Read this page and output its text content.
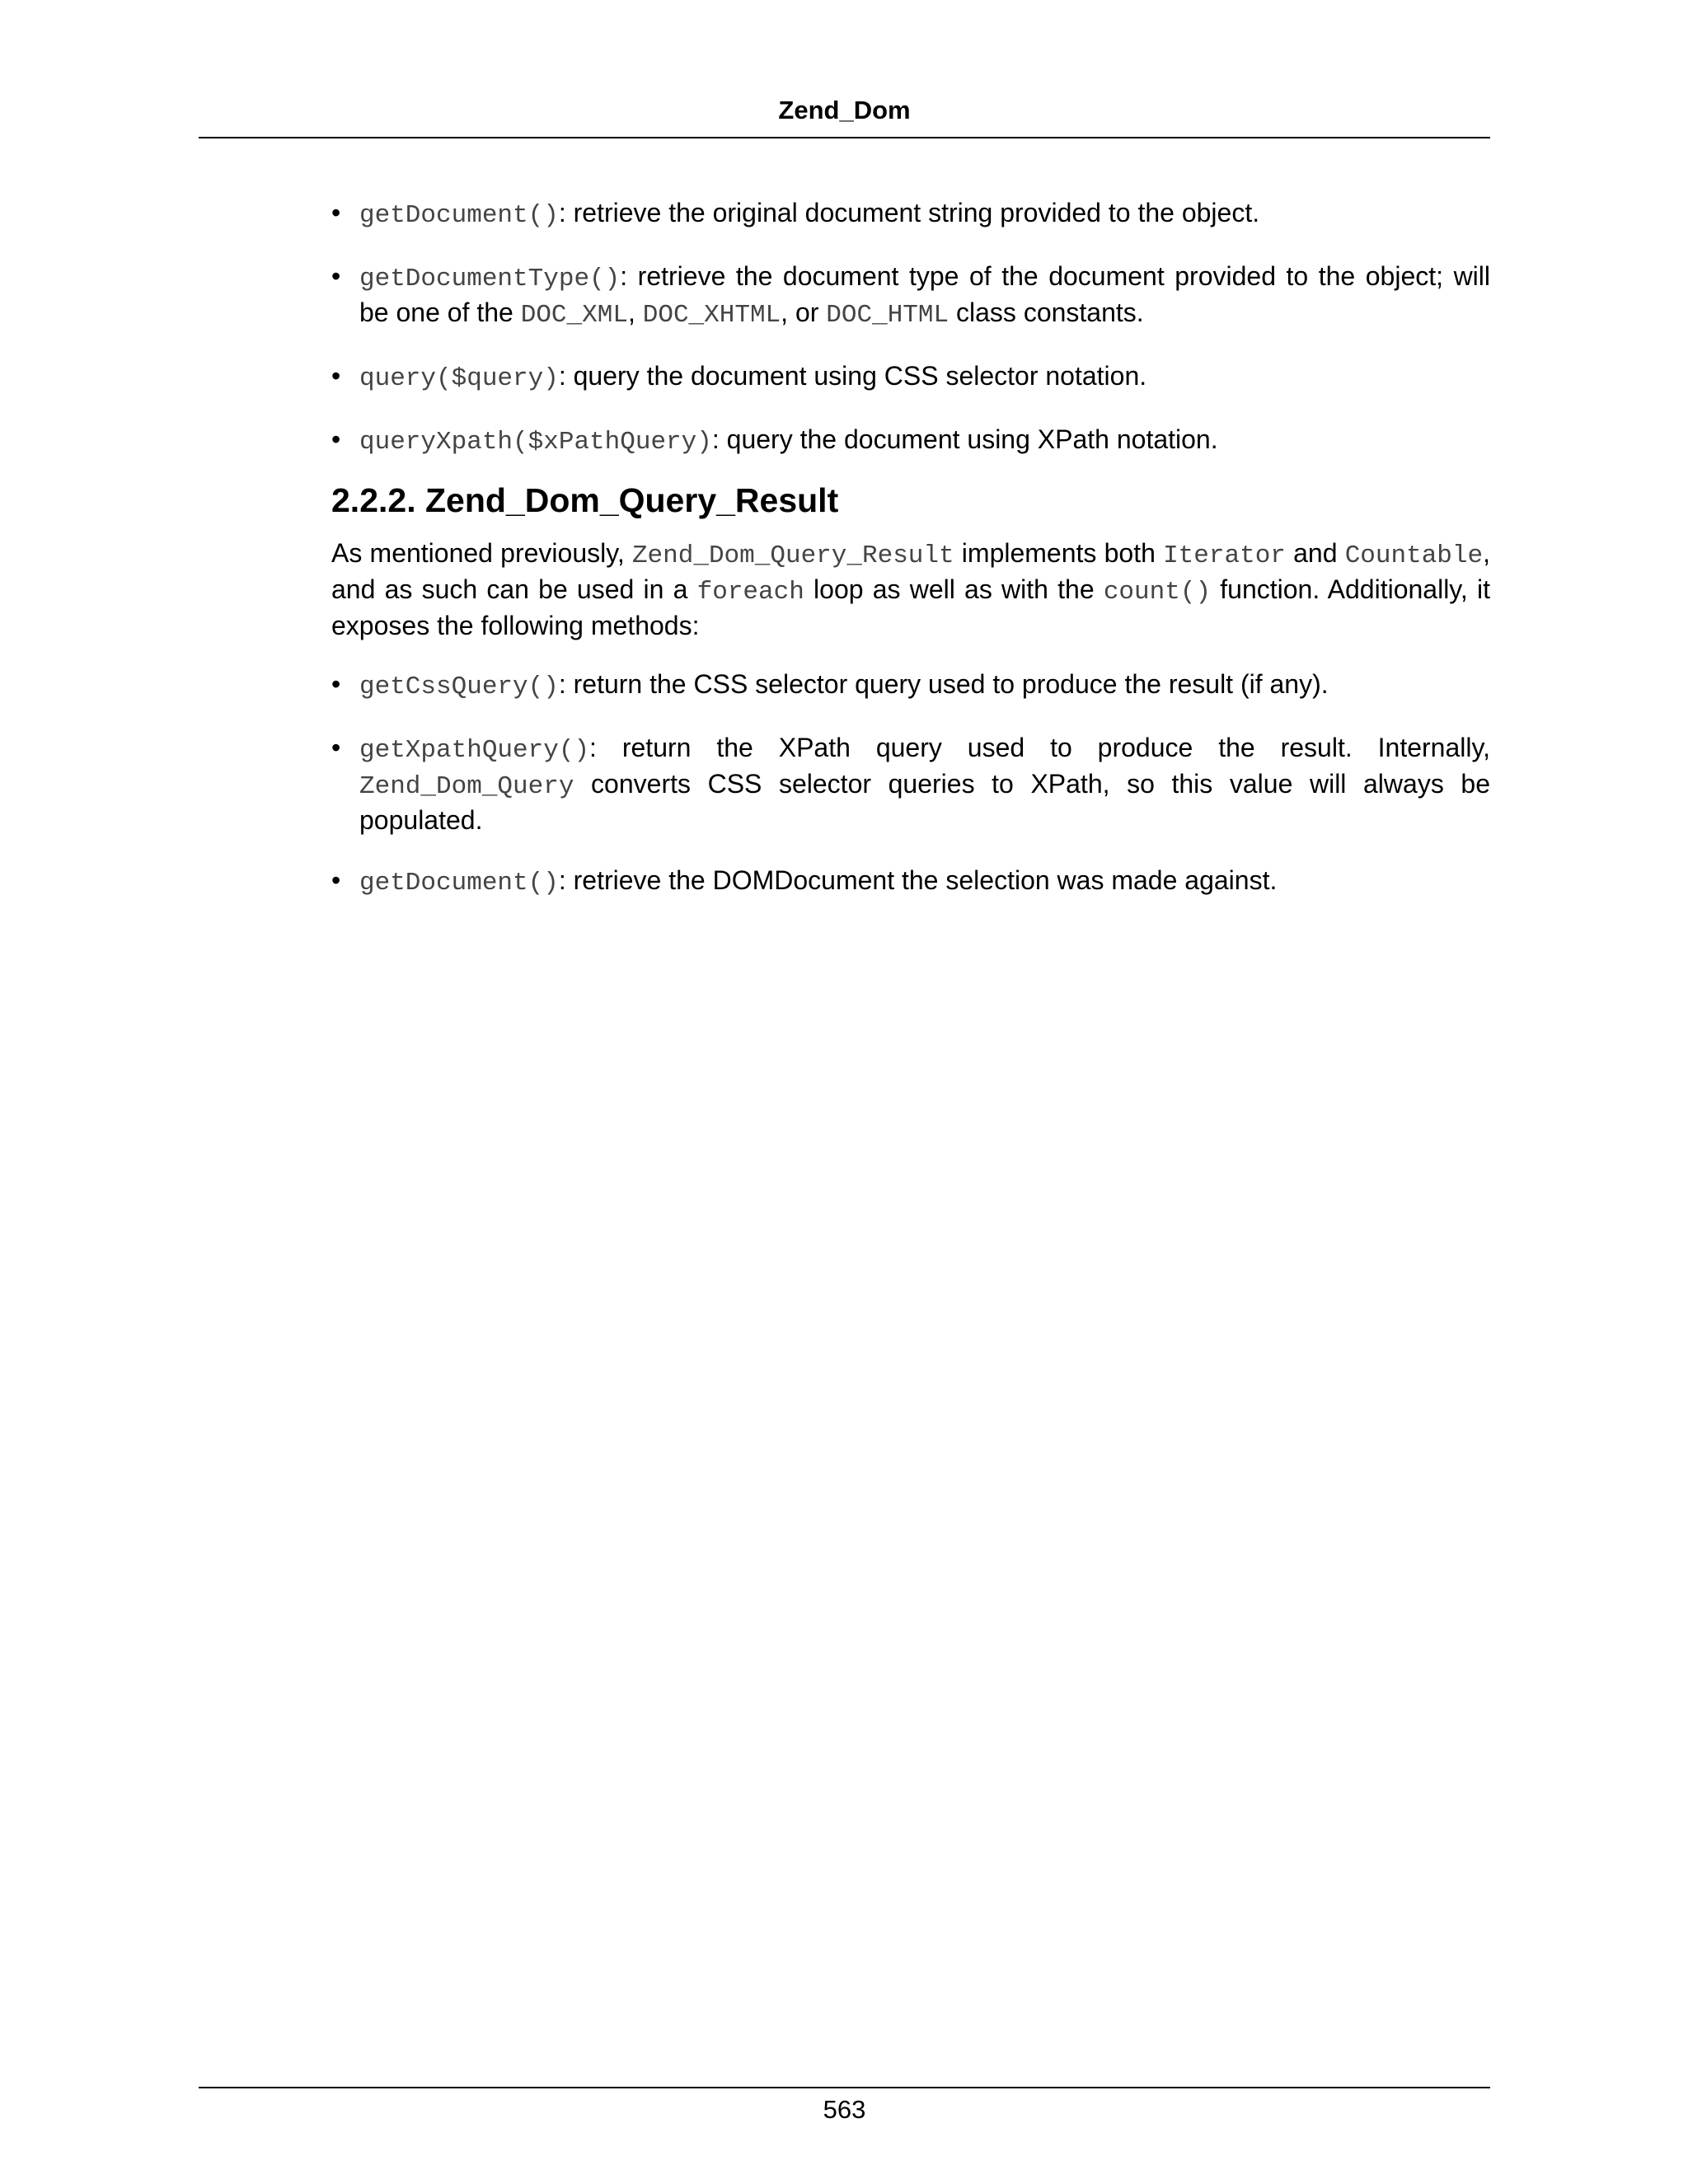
Zend_Dom
• getDocument(): retrieve the original document string provided to the object.
• getDocumentType(): retrieve the document type of the document provided to the object; will be one of the DOC_XML, DOC_XHTML, or DOC_HTML class constants.
• query($query): query the document using CSS selector notation.
• queryXpath($xPathQuery): query the document using XPath notation.
2.2.2. Zend_Dom_Query_Result

As mentioned previously, Zend_Dom_Query_Result implements both Iterator and Countable, and as such can be used in a foreach loop as well as with the count() function. Additionally, it exposes the following methods:

• getCssQuery(): return the CSS selector query used to produce the result (if any).
• getXpathQuery(): return the XPath query used to produce the result. Internally, Zend_Dom_Query converts CSS selector queries to XPath, so this value will always be populated.
• getDocument(): retrieve the DOMDocument the selection was made against.
563
